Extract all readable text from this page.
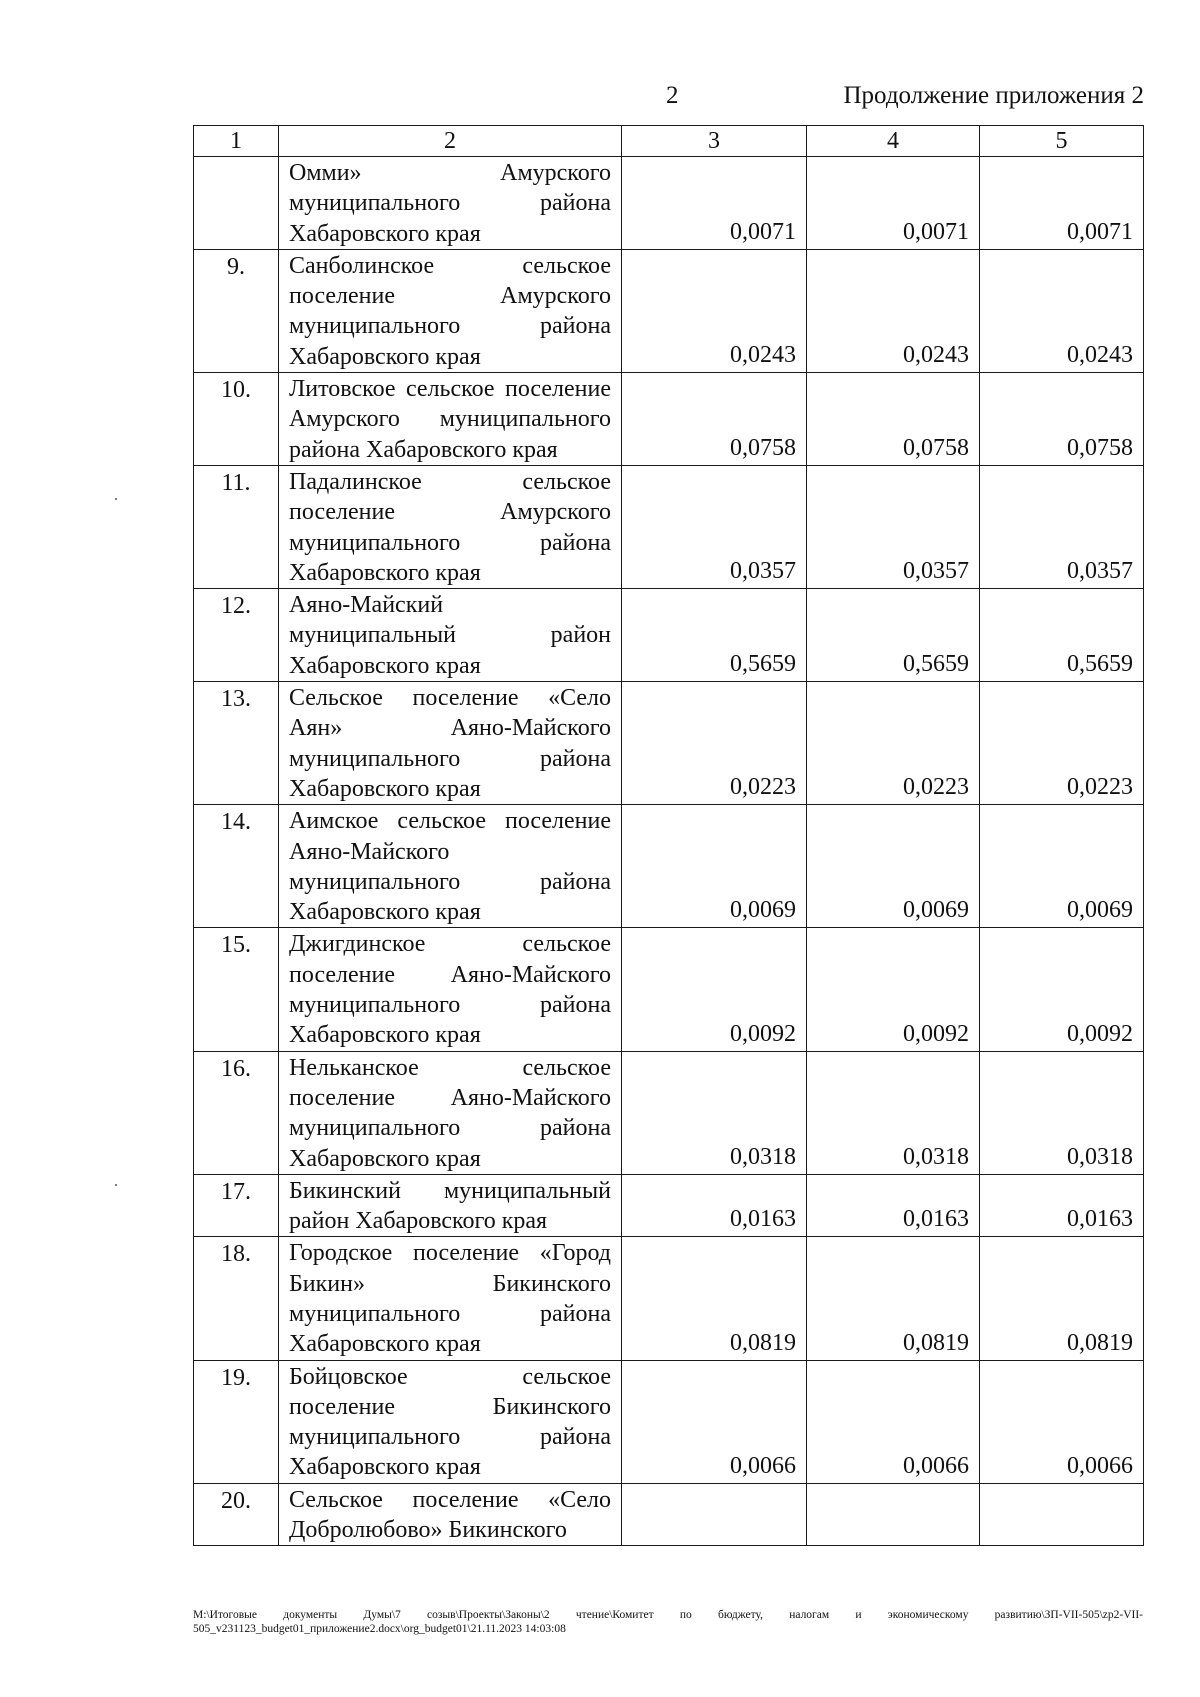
2	Продолжение приложения 2
1	2	3	4	5
	Омми» Амурского муниципального района Хабаровского края	0,0071	0,0071	0,0071
9.	Санболинское сельское поселение Амурского муниципального района Хабаровского края	0,0243	0,0243	0,0243
10.	Литовское сельское поселение Амурского муниципального района Хабаровского края	0,0758	0,0758	0,0758
11.	Падалинское сельское поселение Амурского муниципального района Хабаровского края	0,0357	0,0357	0,0357
12.	Аяно-Майский муниципальный район Хабаровского края	0,5659	0,5659	0,5659
13.	Сельское поселение «Село Аян» Аяно-Майского муниципального района Хабаровского края	0,0223	0,0223	0,0223
14.	Аимское сельское поселение Аяно-Майского муниципального района Хабаровского края	0,0069	0,0069	0,0069
15.	Джигдинское сельское поселение Аяно-Майского муниципального района Хабаровского края	0,0092	0,0092	0,0092
16.	Нельканское сельское поселение Аяно-Майского муниципального района Хабаровского края	0,0318	0,0318	0,0318
17.	Бикинский муниципальный район Хабаровского края	0,0163	0,0163	0,0163
18.	Городское поселение «Город Бикин» Бикинского муниципального района Хабаровского края	0,0819	0,0819	0,0819
19.	Бойцовское сельское поселение Бикинского муниципального района Хабаровского края	0,0066	0,0066	0,0066
20.	Сельское поселение «Село Добролюбово» Бикинского			
M:\Итоговые документы Думы\7 созыв\Проекты\Законы\2 чтение\Комитет по бюджету, налогам и экономическому развитию\ЗП-VII-505\zp2-VII-505_v231123_budget01_приложение2.docx\org_budget01\21.11.2023 14:03:08
